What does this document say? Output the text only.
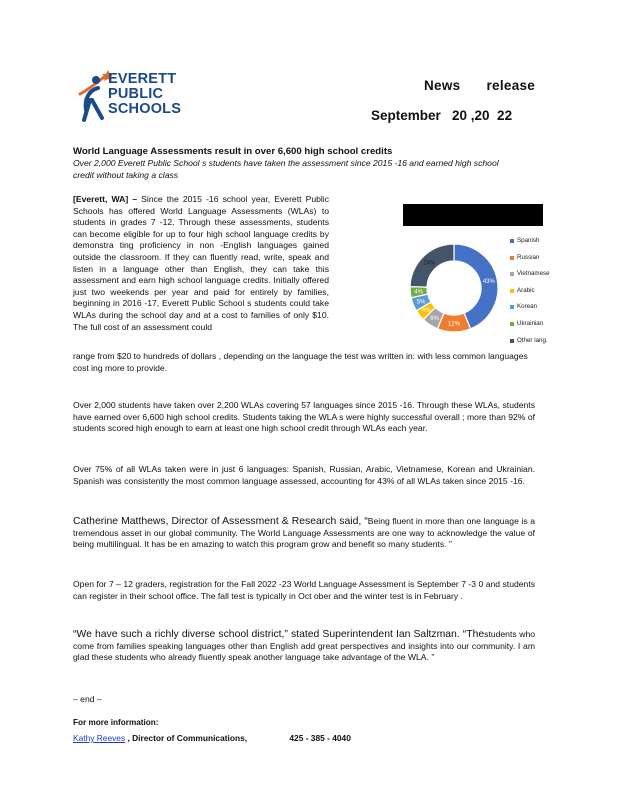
EVERETT
PUBLIC
SCHOOLS
News release
September   20 ,20  22
World Language Assessments result in over 6,600 high school credits
Over 2,000 Everett Public School s students have taken the assessment since 2015 -16 and earned high school credit without taking a class
[Everett, WA] – Since the 2015 -16 school year, Everett Public Schools has offered World Language Assessments (WLAs) to students in grades 7 -12. Through these assessments, students can become eligible for up to four high school language credits by demonstra ting proficiency in non -English languages gained outside the classroom. If they can fluently read, write, speak and listen in a language other than English, they can take this assessment and earn high school language credits. Initially offered just two weekends per year and paid for entirely by families, beginning in 2016 -17, Everett Public School s students could take WLAs during the school day and at a cost to families of only $10. The full cost of an assessment could
range from $20 to hundreds of dollars , depending on the language the test was written in: with less common languages cost ing more to provide.
43%
12%
6%
4%
5%
4%
24%
Spanish
Russian
Vietnamese
Arabic
Korean
Ukrainian
Other lang.
Over 2,000 students have taken over 2,200 WLAs covering 57 languages since 2015 -16. Through these WLAs, students have earned over 6,600 high school credits. Students taking the WLA s were highly successful overall ; more than 92% of students scored high enough to earn at least one high school credit through WLAs each year.
Over 75% of all WLAs taken were in just 6 languages: Spanish, Russian, Arabic, Vietnamese, Korean and Ukrainian. Spanish was consistently the most common language assessed, accounting for 43% of all WLAs taken since 2015 -16.
Catherine Matthews, Director of Assessment & Research said, “Being fluent in more than one language is a tremendous asset in our global community. The World Language Assessments are one way to acknowledge the value of being multilingual. It has be en amazing to watch this program grow and benefit so many students. ”
Open for 7 – 12 graders, registration for the Fall 2022 -23 World Language Assessment is September 7 -3 0 and students can register in their school office. The fall test is typically in Oct ober and the winter test is in February .
“We have such a richly diverse school district,” stated Superintendent Ian Saltzman. “Thestudents who come from families speaking languages other than English add great perspectives and insights into our community. I am glad these students who already fluently speak another language take advantage of the WLA. ”
– end –
For more information:
Kathy Reeves , Director of Communications,	425 - 385 - 4040
